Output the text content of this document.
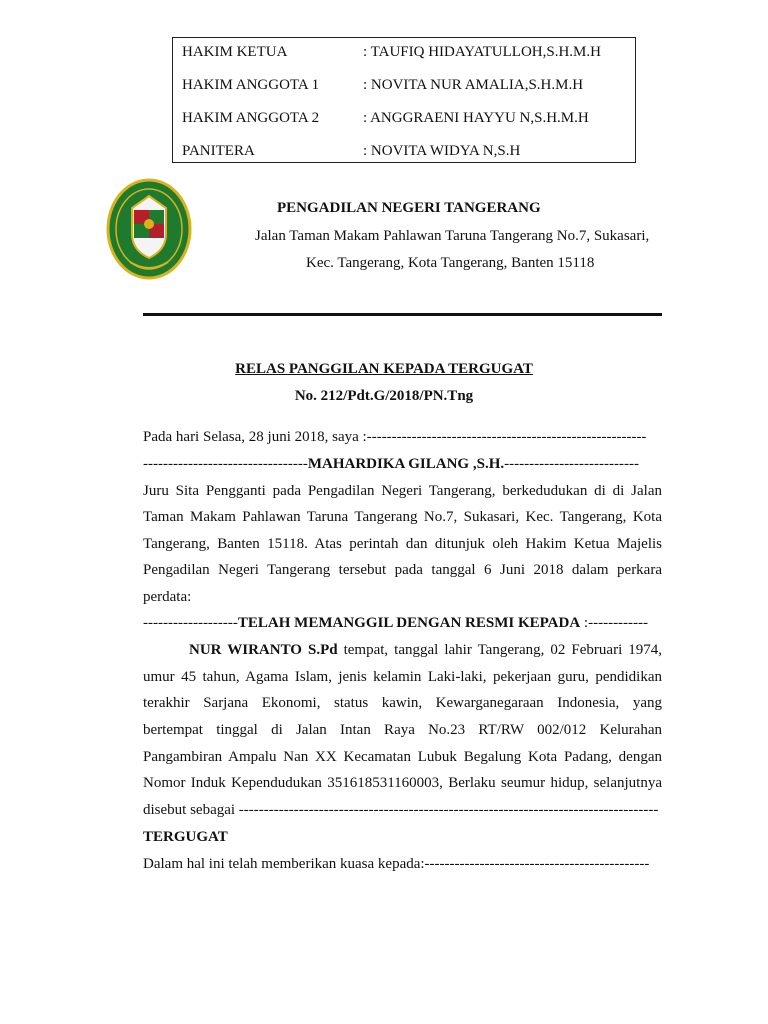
HAKIM KETUA	: TAUFIQ HIDAYATULLOH,S.H.M.H
HAKIM ANGGOTA 1	: NOVITA NUR AMALIA,S.H.M.H
HAKIM ANGGOTA 2	: ANGGRAENI HAYYU N,S.H.M.H
PANITERA	: NOVITA WIDYA N,S.H
PENGADILAN NEGERI TANGERANG
Jalan Taman Makam Pahlawan Taruna Tangerang No.7, Sukasari,
Kec. Tangerang, Kota Tangerang, Banten 15118
RELAS PANGGILAN KEPADA TERGUGAT
No. 212/Pdt.G/2018/PN.Tng
Pada hari Selasa, 28 juni 2018, saya :--------------------------------------------------------
---------------------------------MAHARDIKA GILANG ,S.H.---------------------------
Juru Sita Pengganti pada Pengadilan Negeri Tangerang, berkedudukan di di Jalan
Taman Makam Pahlawan Taruna Tangerang No.7, Sukasari, Kec. Tangerang, Kota
Tangerang, Banten 15118. Atas perintah dan ditunjuk oleh Hakim Ketua Majelis
Pengadilan Negeri Tangerang tersebut pada tanggal 6 Juni 2018 dalam perkara
perdata:
-------------------TELAH MEMANGGIL DENGAN RESMI KEPADA :------------
NUR WIRANTO S.Pd tempat, tanggal lahir Tangerang, 02 Februari 1974,
umur 45 tahun, Agama Islam, jenis kelamin Laki-laki, pekerjaan guru, pendidikan
terakhir Sarjana Ekonomi, status kawin, Kewarganegaraan Indonesia, yang
bertempat tinggal di Jalan Intan Raya No.23 RT/RW 002/012 Kelurahan
Pangambiran Ampalu Nan XX Kecamatan Lubuk Begalung Kota Padang, dengan
Nomor Induk Kependudukan 351618531160003, Berlaku seumur hidup, selanjutnya
disebut sebagai ------------------------------------------------------------------------------------
TERGUGAT
Dalam hal ini telah memberikan kuasa kepada:---------------------------------------------
